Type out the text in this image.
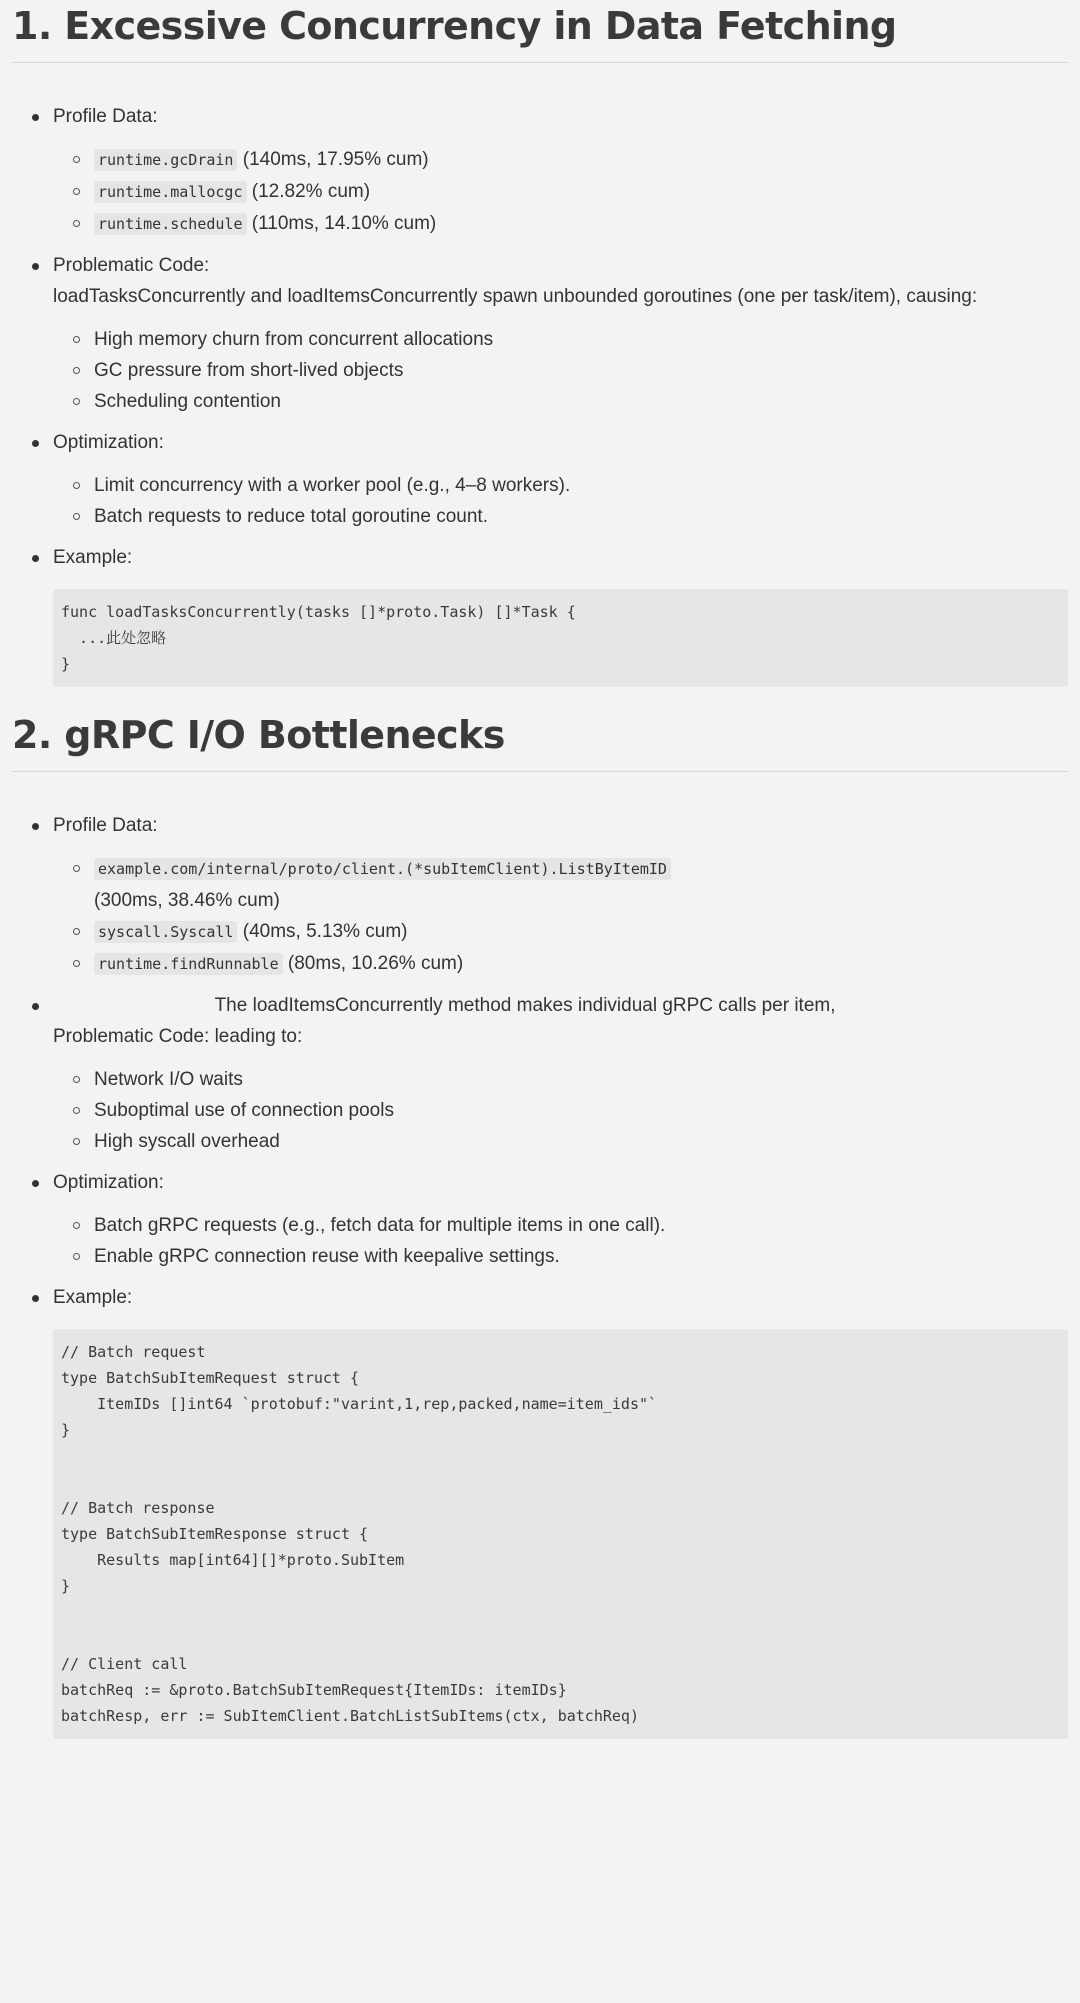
1. Excessive Concurrency in Data Fetching
Profile Data:
runtime.gcDrain (140ms, 17.95% cum)
runtime.mallocgc (12.82% cum)
runtime.schedule (110ms, 14.10% cum)
Problematic Code:
loadTasksConcurrently and loadItemsConcurrently spawn unbounded goroutines (one per task/item), causing:
High memory churn from concurrent allocations
GC pressure from short-lived objects
Scheduling contention
Optimization:
Limit concurrency with a worker pool (e.g., 4–8 workers).
Batch requests to reduce total goroutine count.
Example:
func loadTasksConcurrently(tasks []*proto.Task) []*Task {
...此处忽略
}
2. gRPC I/O Bottlenecks
Profile Data:
example.com/internal/proto/client.(*subItemClient).ListByItemID
(300ms, 38.46% cum)
syscall.Syscall (40ms, 5.13% cum)
runtime.findRunnable (80ms, 10.26% cum)
Problematic Code: The loadItemsConcurrently method makes individual gRPC calls per item, leading to:
Network I/O waits
Suboptimal use of connection pools
High syscall overhead
Optimization:
Batch gRPC requests (e.g., fetch data for multiple items in one call).
Enable gRPC connection reuse with keepalive settings.
Example:
// Batch request
type BatchSubItemRequest struct {
ItemIDs []int64 `protobuf:"varint,1,rep,packed,name=item_ids"`
}

// Batch response
type BatchSubItemResponse struct {
Results map[int64][]*proto.SubItem
}

// Client call
batchReq := &proto.BatchSubItemRequest{ItemIDs: itemIDs}
batchResp, err := SubItemClient.BatchListSubItems(ctx, batchReq)
